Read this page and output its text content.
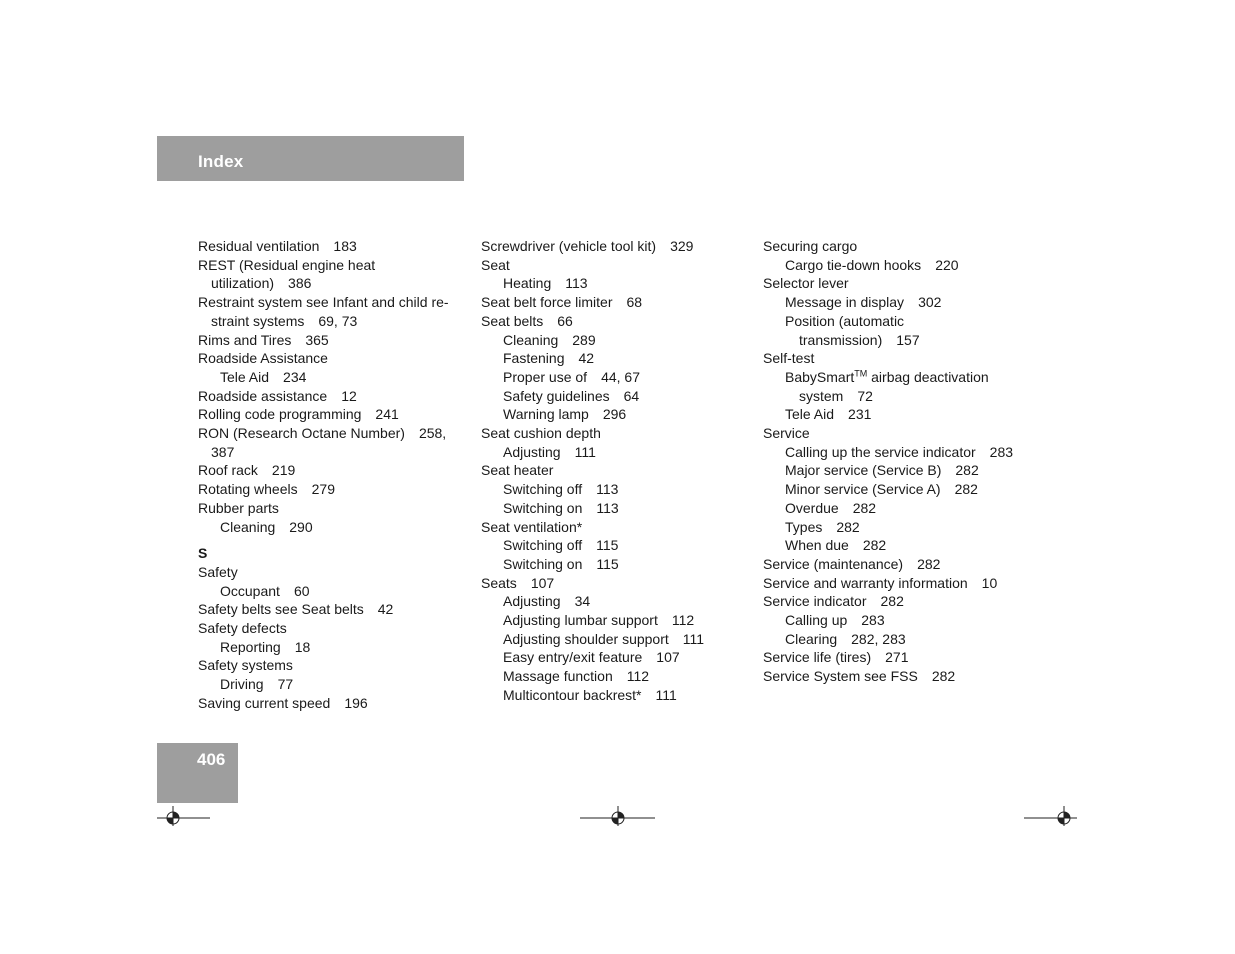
Index
Residual ventilation 183
REST (Residual engine heat
utilization) 386
Restraint system see Infant and child re-
straint systems 69, 73
Rims and Tires 365
Roadside Assistance
Tele Aid 234
Roadside assistance 12
Rolling code programming 241
RON (Research Octane Number) 258,
387
Roof rack 219
Rotating wheels 279
Rubber parts
Cleaning 290
S
Safety
Occupant 60
Safety belts see Seat belts 42
Safety defects
Reporting 18
Safety systems
Driving 77
Saving current speed 196
Screwdriver (vehicle tool kit) 329
Seat
Heating 113
Seat belt force limiter 68
Seat belts 66
Cleaning 289
Fastening 42
Proper use of 44, 67
Safety guidelines 64
Warning lamp 296
Seat cushion depth
Adjusting 111
Seat heater
Switching off 113
Switching on 113
Seat ventilation*
Switching off 115
Switching on 115
Seats 107
Adjusting 34
Adjusting lumbar support 112
Adjusting shoulder support 111
Easy entry/exit feature 107
Massage function 112
Multicontour backrest* 111
Securing cargo
Cargo tie-down hooks 220
Selector lever
Message in display 302
Position (automatic
transmission) 157
Self-test
BabySmart™ airbag deactivation
system 72
Tele Aid 231
Service
Calling up the service indicator 283
Major service (Service B) 282
Minor service (Service A) 282
Overdue 282
Types 282
When due 282
Service (maintenance) 282
Service and warranty information 10
Service indicator 282
Calling up 283
Clearing 282, 283
Service life (tires) 271
Service System see FSS 282
406
